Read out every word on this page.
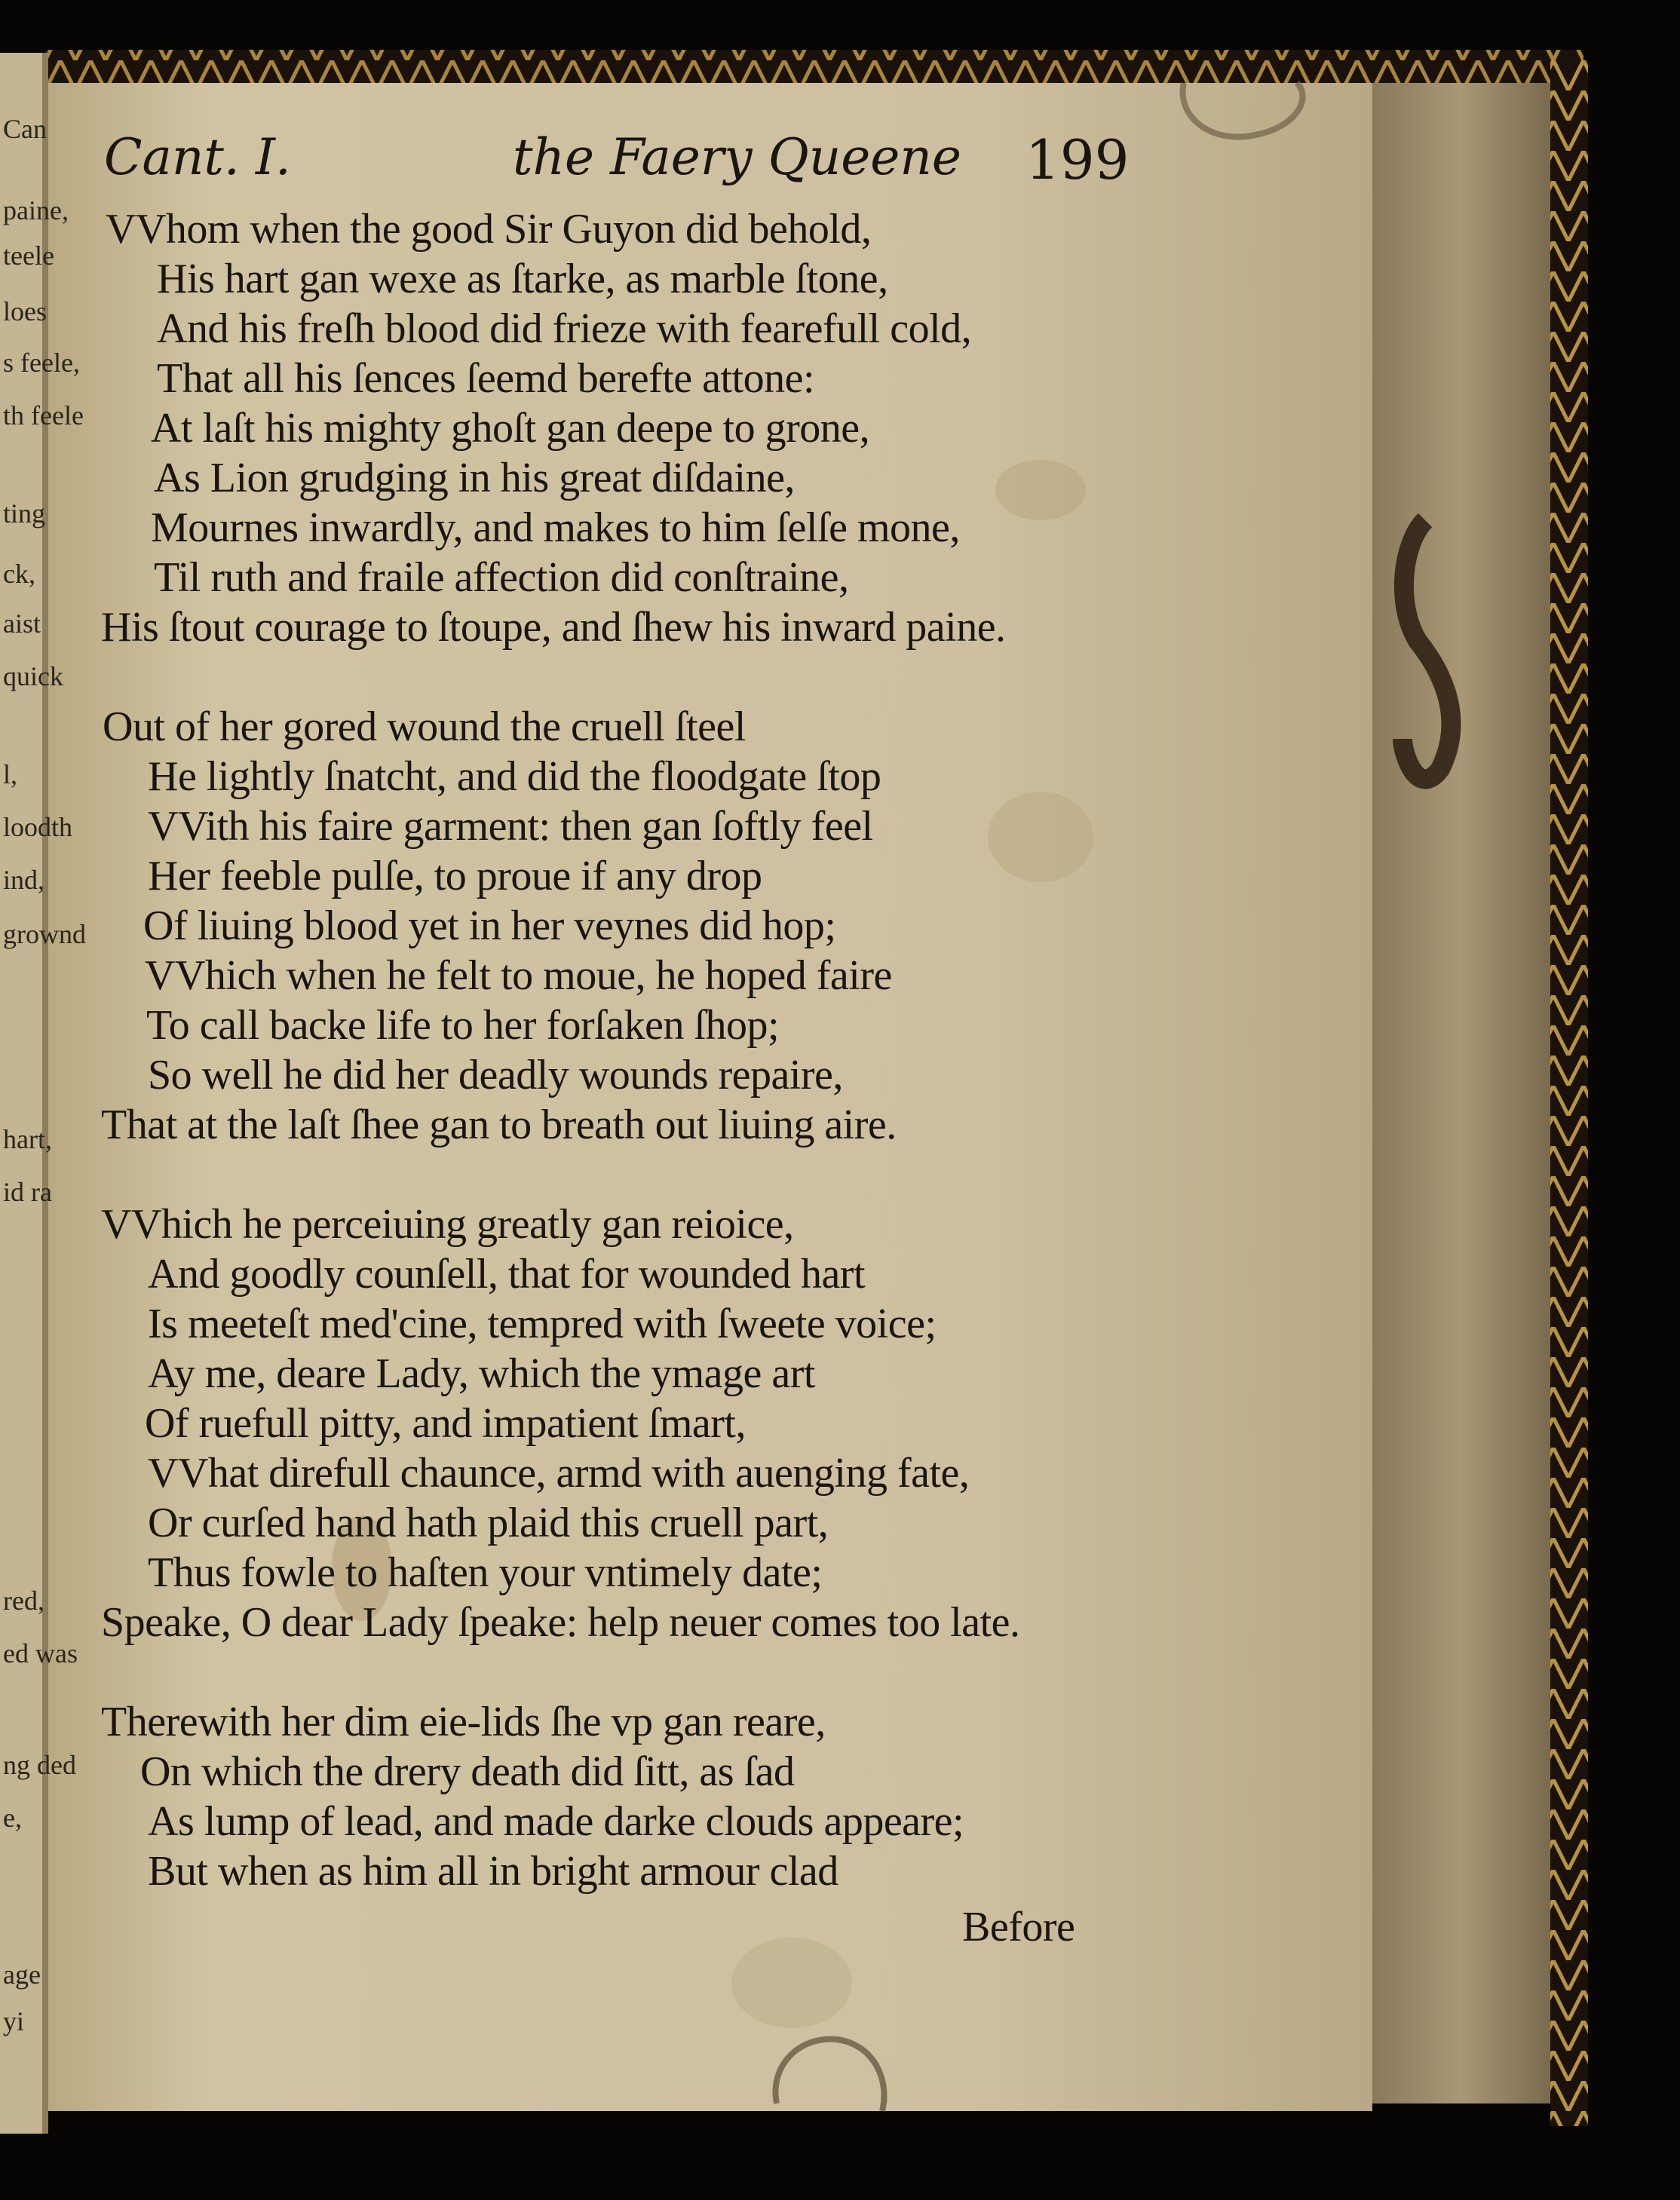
Can
paine,
teele
loes
s feele,
th feele
ting
ck,
aist
quick
l,
loodth
ind,
grownd
hart,
id ra
red,
ed was
ng ded
e,
age
yi
Cant. I.	the Faery Queene 199
VVhom when the good Sir Guyon did behold,
His hart gan wexe as ſtarke, as marble ſtone,
And his freſh blood did frieze with fearefull cold,
That all his ſences ſeemd berefte attone:
At laſt his mighty ghoſt gan deepe to grone,
As Lion grudging in his great diſdaine,
Mournes inwardly, and makes to him ſelſe mone,
Til ruth and fraile affection did conſtraine,
His ſtout courage to ſtoupe, and ſhew his inward paine.
Out of her gored wound the cruell ſteel
He lightly ſnatcht, and did the floodgate ſtop
VVith his faire garment: then gan ſoftly feel
Her feeble pulſe, to proue if any drop
Of liuing blood yet in her veynes did hop;
VVhich when he felt to moue, he hoped faire
To call backe life to her forſaken ſhop;
So well he did her deadly wounds repaire,
That at the laſt ſhee gan to breath out liuing aire.
VVhich he perceiuing greatly gan reioice,
And goodly counſell, that for wounded hart
Is meeteſt med'cine, tempred with ſweete voice;
Ay me, deare Lady, which the ymage art
Of ruefull pitty, and impatient ſmart,
VVhat direfull chaunce, armd with auenging fate,
Or curſed hand hath plaid this cruell part,
Thus fowle to haſten your vntimely date;
Speake, O dear Lady ſpeake: help neuer comes too late.
Therewith her dim eie-lids ſhe vp gan reare,
On which the drery death did ſitt, as ſad
As lump of lead, and made darke clouds appeare;
But when as him all in bright armour clad
Before
